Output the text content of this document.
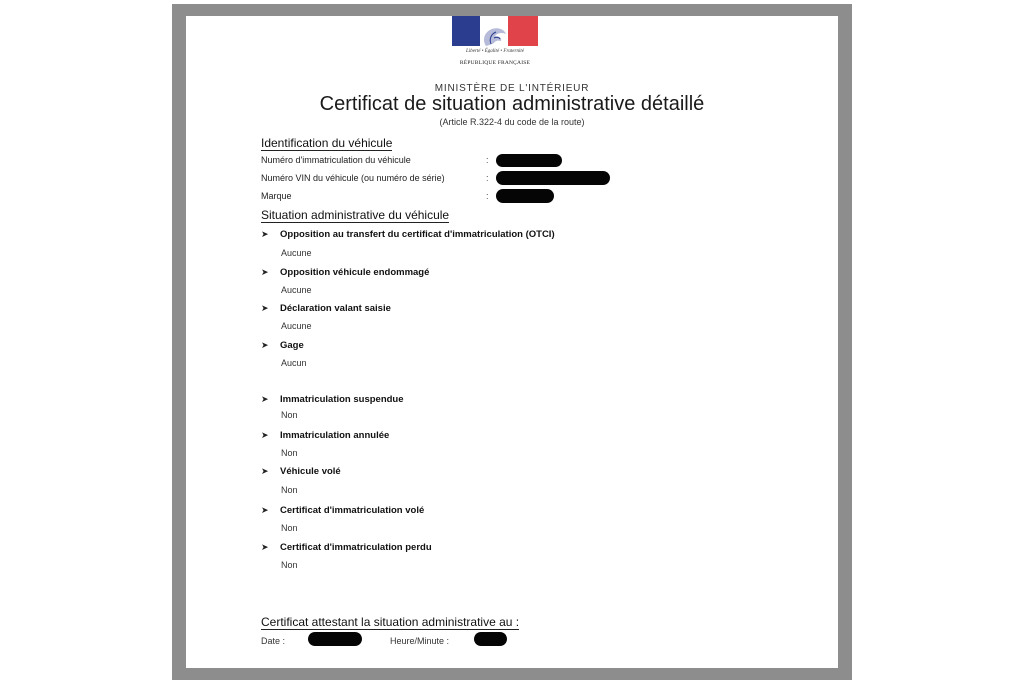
Liberté • Égalité • Fraternité
RÉPUBLIQUE FRANÇAISE
MINISTÈRE DE L'INTÉRIEUR
Certificat de situation administrative détaillé
(Article R.322-4 du code de la route)
Identification du véhicule
Numéro d'immatriculation du véhicule	:
Numéro VIN du véhicule (ou numéro de série)	:
Marque	:
Situation administrative du véhicule
➤ Opposition au transfert du certificat d'immatriculation (OTCI)
Aucune
➤ Opposition véhicule endommagé
Aucune
➤ Déclaration valant saisie
Aucune
➤ Gage
Aucun
➤ Immatriculation suspendue
Non
➤ Immatriculation annulée
Non
➤ Véhicule volé
Non
➤ Certificat d'immatriculation volé
Non
➤ Certificat d'immatriculation perdu
Non
Certificat attestant la situation administrative au :
Date :	Heure/Minute :
